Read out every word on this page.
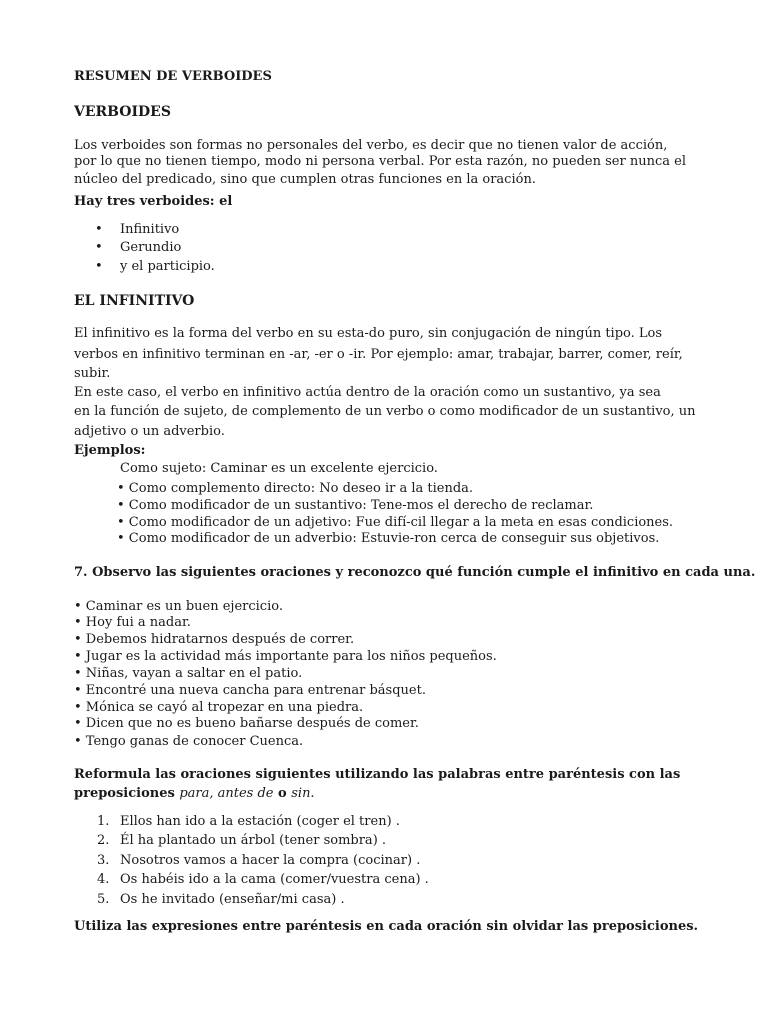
RESUMEN DE VERBOIDES
VERBOIDES
Los verboides son formas no personales del verbo, es decir que no tienen valor de acción,
por lo que no tienen tiempo, modo ni persona verbal. Por esta razón, no pueden ser nunca el
núcleo del predicado, sino que cumplen otras funciones en la oración.
Hay tres verboides: el
• Infinitivo
• Gerundio
• y el participio.
EL INFINITIVO
El infinitivo es la forma del verbo en su esta-do puro, sin conjugación de ningún tipo. Los
verbos en infinitivo terminan en -ar, -er o -ir. Por ejemplo: amar, trabajar, barrer, comer, reír,
subir.
En este caso, el verbo en infinitivo actúa dentro de la oración como un sustantivo, ya sea
en la función de sujeto, de complemento de un verbo o como modificador de un sustantivo, un
adjetivo o un adverbio.
Ejemplos:
Como sujeto: Caminar es un excelente ejercicio.
• Como complemento directo: No deseo ir a la tienda.
• Como modificador de un sustantivo: Tene-mos el derecho de reclamar.
• Como modificador de un adjetivo: Fue difí-cil llegar a la meta en esas condiciones.
• Como modificador de un adverbio: Estuvie-ron cerca de conseguir sus objetivos.
7. Observo las siguientes oraciones y reconozco qué función cumple el infinitivo en cada una.
• Caminar es un buen ejercicio.
• Hoy fui a nadar.
• Debemos hidratarnos después de correr.
• Jugar es la actividad más importante para los niños pequeños.
• Niñas, vayan a saltar en el patio.
• Encontré una nueva cancha para entrenar básquet.
• Mónica se cayó al tropezar en una piedra.
• Dicen que no es bueno bañarse después de comer.
• Tengo ganas de conocer Cuenca.
Reformula las oraciones siguientes utilizando las palabras entre paréntesis con las
preposiciones para, antes de o sin.
1. Ellos han ido a la estación (coger el tren) .
2. Él ha plantado un árbol (tener sombra) .
3. Nosotros vamos a hacer la compra (cocinar) .
4. Os habéis ido a la cama (comer/vuestra cena) .
5. Os he invitado (enseñar/mi casa) .
Utiliza las expresiones entre paréntesis en cada oración sin olvidar las preposiciones.
